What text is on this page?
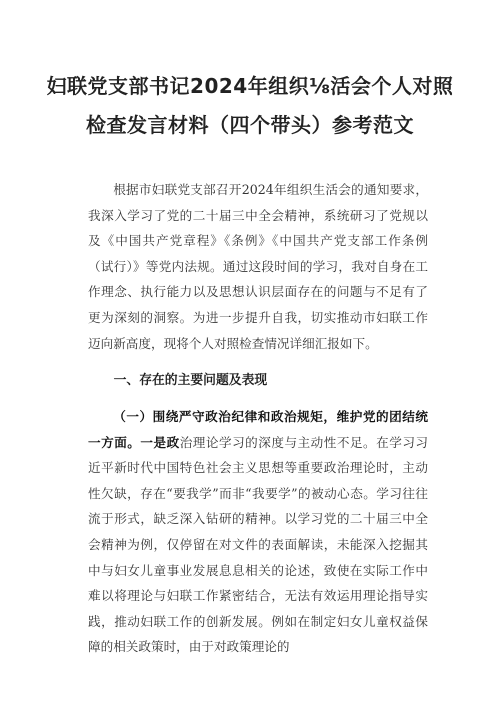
妇联党支部书记2024年组织⅛活会个人对照
检查发言材料（四个带头）参考范文

根据市妇联党支部召开2024年组织生活会的通知要求，我深入学习了党的二十届三中全会精神，系统研习了党规以及《中国共产党章程》《条例》《中国共产党支部工作条例（试行）》等党内法规。通过这段时间的学习，我对自身在工作理念、执行能力以及思想认识层面存在的问题与不足有了更为深刻的洞察。为进一步提升自我，切实推动市妇联工作迈向新高度，现将个人对照检查情况详细汇报如下。

一、存在的主要问题及表现

（一）围绕严守政治纪律和政治规矩，维护党的团结统一方面。一是政治理论学习的深度与主动性不足。在学习习近平新时代中国特色社会主义思想等重要政治理论时，主动性欠缺，存在“要我学”而非“我要学”的被动心态。学习往往流于形式，缺乏深入钻研的精神。以学习党的二十届三中全会精神为例，仅停留在对文件的表面解读，未能深入挖掘其中与妇女儿童事业发展息息相关的论述，致使在实际工作中难以将理论与妇联工作紧密结合，无法有效运用理论指导实践，推动妇联工作的创新发展。例如在制定妇女儿童权益保障的相关政策时，由于对政策理论的
